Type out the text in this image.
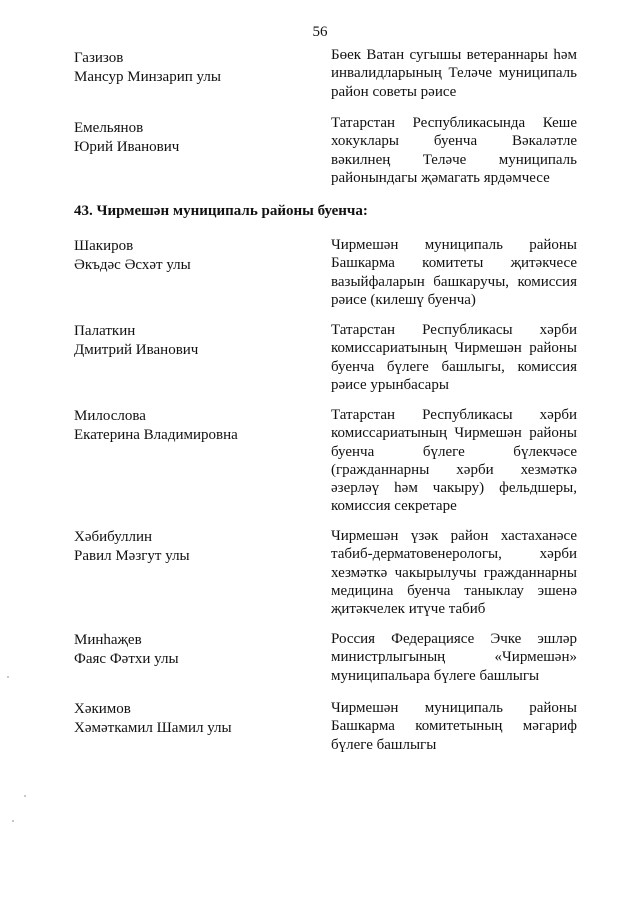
56
Газизов
Мансур Минзарип улы
Бөек Ватан сугышы ветераннары һәм инвалидларының Теләче муниципаль район советы рәисе
Емельянов
Юрий Иванович
Татарстан Республикасында Кеше хокуклары буенча Вәкаләтле вәкилнең Теләче муниципаль районындагы җәмагать ярдәмчесе
43. Чирмешән муниципаль районы буенча:
Шакиров
Әкъдәс Әсхәт улы
Чирмешән муниципаль районы Башкарма комитеты җитәкчесе вазыйфаларын башкаручы, комиссия рәисе (килешү буенча)
Палаткин
Дмитрий Иванович
Татарстан Республикасы хәрби комиссариатының Чирмешән районы буенча бүлеге башлыгы, комиссия рәисе урынбасары
Милослова
Екатерина Владимировна
Татарстан Республикасы хәрби комиссариатының Чирмешән районы буенча бүлеге бүлекчәсе (гражданнарны хәрби хезмәткә әзерләү һәм чакыру) фельдшеры, комиссия секретаре
Хәбибуллин
Равил Мәзгут улы
Чирмешән үзәк район хастаханәсе табиб-дерматовенерологы, хәрби хезмәткә чакырылучы гражданнарны медицина буенча таныклау эшенә җитәкчелек итүче табиб
Минһаҗев
Фаяс Фәтхи улы
Россия Федерациясе Эчке эшләр министрлыгының «Чирмешән» муниципальара бүлеге башлыгы
Хәкимов
Хәмәткамил Шамил улы
Чирмешән муниципаль районы Башкарма комитетының мәгариф бүлеге башлыгы
